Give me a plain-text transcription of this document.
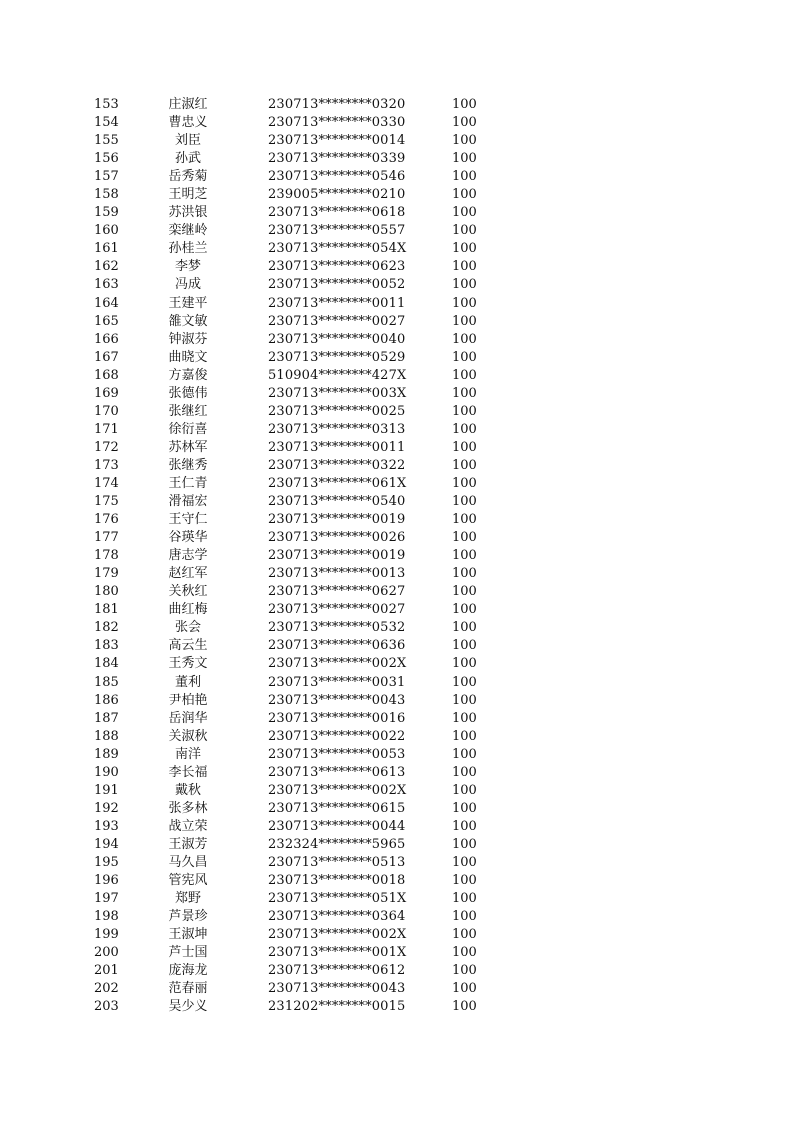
153	庄淑红	230713********0320	100
154	曹忠义	230713********0330	100
155	刘臣	230713********0014	100
156	孙武	230713********0339	100
157	岳秀菊	230713********0546	100
158	王明芝	239005********0210	100
159	苏洪银	230713********0618	100
160	栾继岭	230713********0557	100
161	孙桂兰	230713********054X	100
162	李梦	230713********0623	100
163	冯成	230713********0052	100
164	王建平	230713********0011	100
165	雒文敏	230713********0027	100
166	钟淑芬	230713********0040	100
167	曲晓文	230713********0529	100
168	方嘉俊	510904********427X	100
169	张德伟	230713********003X	100
170	张继红	230713********0025	100
171	徐衍喜	230713********0313	100
172	苏林军	230713********0011	100
173	张继秀	230713********0322	100
174	王仁青	230713********061X	100
175	滑福宏	230713********0540	100
176	王守仁	230713********0019	100
177	谷瑛华	230713********0026	100
178	唐志学	230713********0019	100
179	赵红军	230713********0013	100
180	关秋红	230713********0627	100
181	曲红梅	230713********0027	100
182	张会	230713********0532	100
183	高云生	230713********0636	100
184	王秀文	230713********002X	100
185	董利	230713********0031	100
186	尹柏艳	230713********0043	100
187	岳润华	230713********0016	100
188	关淑秋	230713********0022	100
189	南洋	230713********0053	100
190	李长福	230713********0613	100
191	戴秋	230713********002X	100
192	张多林	230713********0615	100
193	战立荣	230713********0044	100
194	王淑芳	232324********5965	100
195	马久昌	230713********0513	100
196	管宪风	230713********0018	100
197	郑野	230713********051X	100
198	芦景珍	230713********0364	100
199	王淑坤	230713********002X	100
200	芦士国	230713********001X	100
201	庞海龙	230713********0612	100
202	范春丽	230713********0043	100
203	吴少义	231202********0015	100
